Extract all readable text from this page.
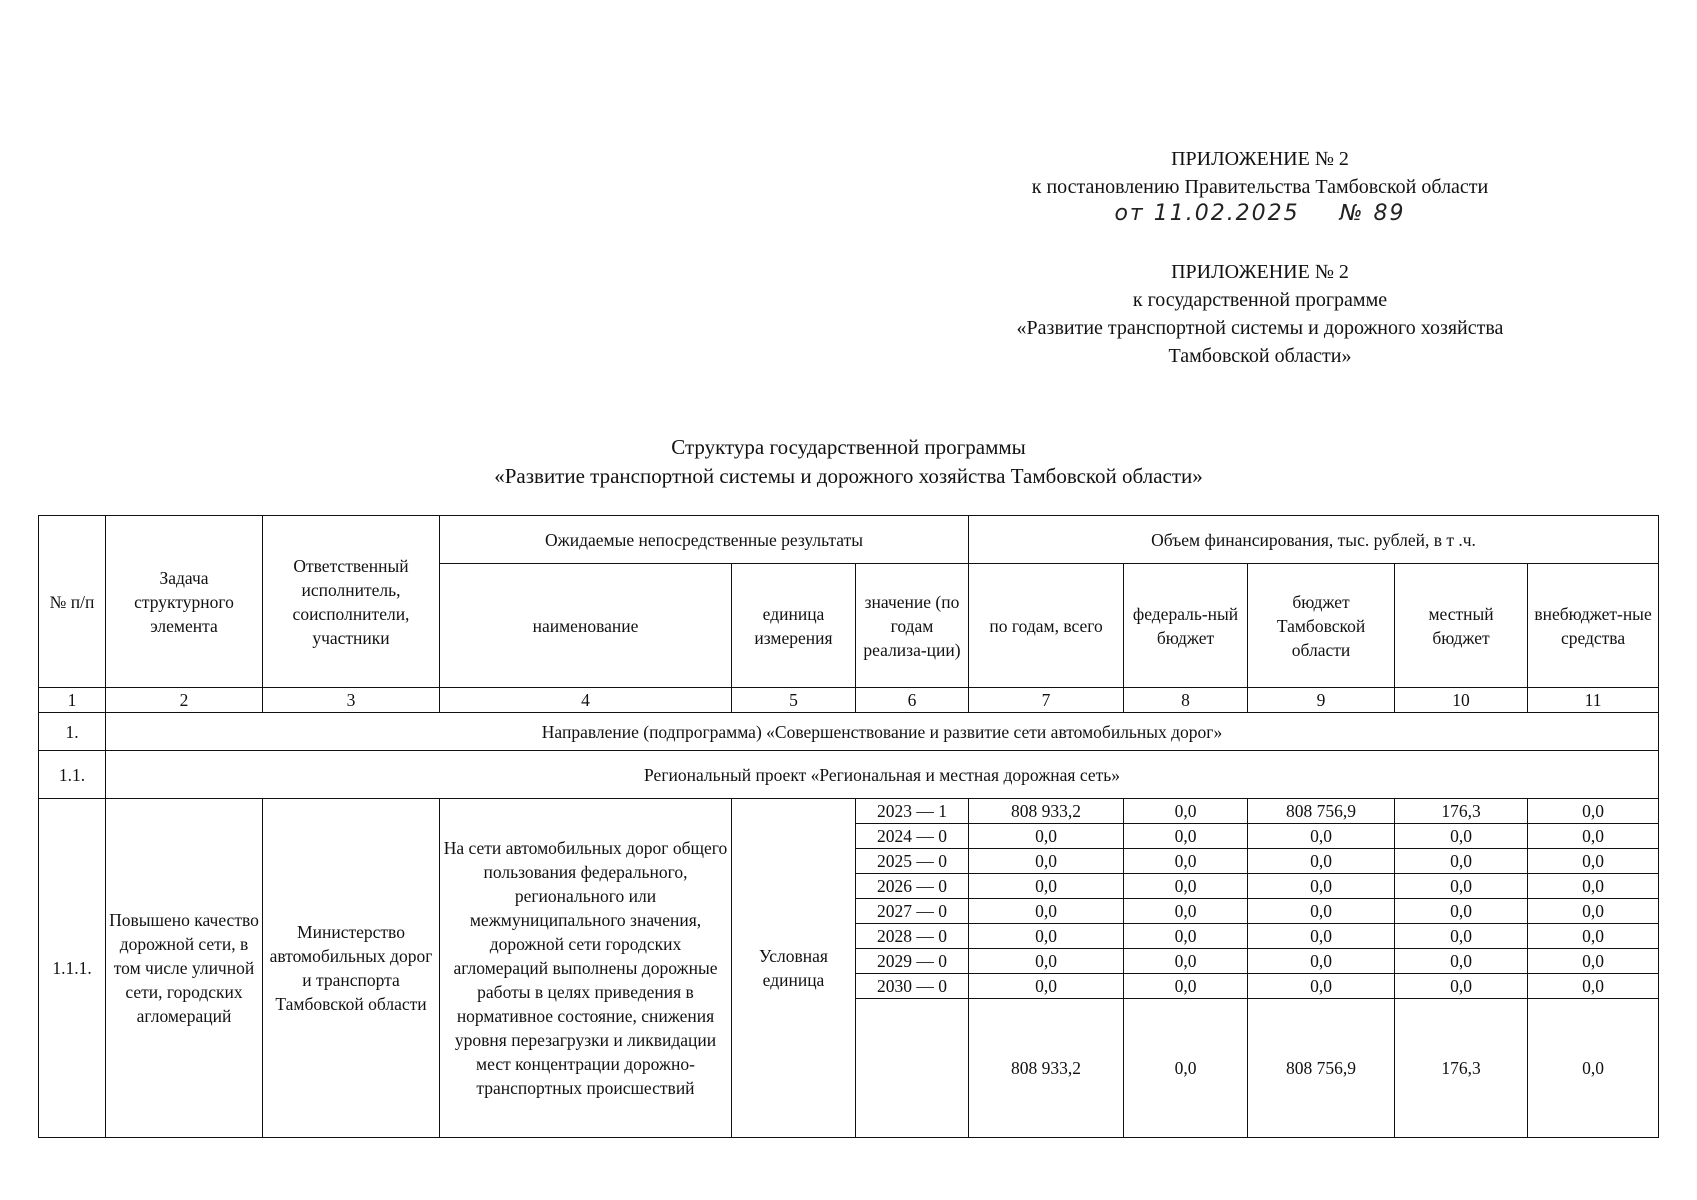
ПРИЛОЖЕНИЕ № 2
к постановлению Правительства Тамбовской области
от 11.02.2025 № 89
ПРИЛОЖЕНИЕ № 2
к государственной программе
«Развитие транспортной системы и дорожного хозяйства
Тамбовской области»
Структура государственной программы
«Развитие транспортной системы и дорожного хозяйства Тамбовской области»
№ п/п	Задача структурного элемента	Ответственный исполнитель, соисполнители, участники	Ожидаемые непосредственные результаты			Объем финансирования, тыс. рублей, в т .ч.				
			наименование	единица измерения	значение (по годам реализа-ции)	по годам, всего	федераль-ный бюджет	бюджет Тамбовской области	местный бюджет	внебюджет-ные средства
1	2	3	4	5	6	7	8	9	10	11
1.	Направление (подпрограмма) «Совершенствование и развитие сети автомобильных дорог»									
1.1.	Региональный проект «Региональная и местная дорожная сеть»									
1.1.1.	Повышено качество дорожной сети, в том числе уличной сети, городских агломераций	Министерство автомобильных дорог и транспорта Тамбовской области	На сети автомобильных дорог общего пользования федерального, регионального или межмуниципального значения, дорожной сети городских агломераций выполнены дорожные работы в целях приведения в нормативное состояние, снижения уровня перезагрузки и ликвидации мест концентрации дорожно-транспортных происшествий	Условная единица	2023 — 1	808 933,2	0,0	808 756,9	176,3	0,0
					2024 — 0	0,0	0,0	0,0	0,0	0,0
					2025 — 0	0,0	0,0	0,0	0,0	0,0
					2026 — 0	0,0	0,0	0,0	0,0	0,0
					2027 — 0	0,0	0,0	0,0	0,0	0,0
					2028 — 0	0,0	0,0	0,0	0,0	0,0
					2029 — 0	0,0	0,0	0,0	0,0	0,0
					2030 — 0	0,0	0,0	0,0	0,0	0,0
						808 933,2	0,0	808 756,9	176,3	0,0
